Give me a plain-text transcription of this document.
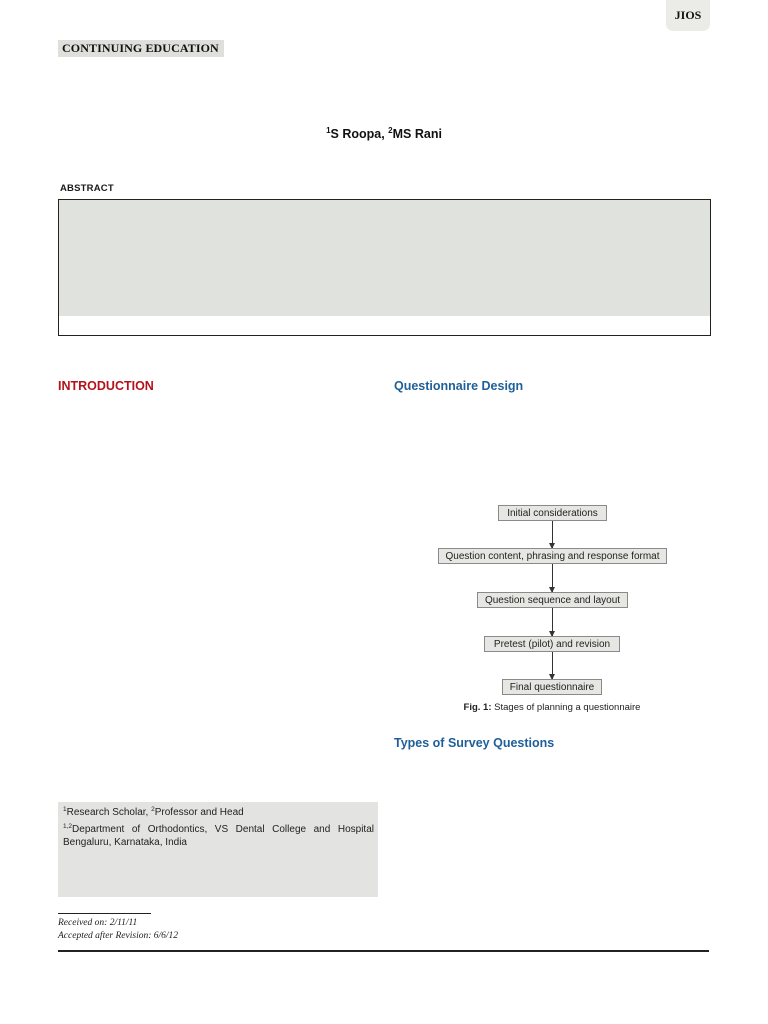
JIOS
CONTINUING EDUCATION
$^1$S Roopa, $^2$MS Rani
ABSTRACT
INTRODUCTION	Questionnaire Design
Initial considerations
Question content, phrasing and response format
Question sequence and layout
Pretest (pilot) and revision
Final questionnaire
Fig. 1: Stages of planning a questionnaire
Types of Survey Questions
$^1$Research Scholar, $^2$Professor and Head
$^{1,2}$Department of Orthodontics, VS Dental College and Hospital Bengaluru, Karnataka, India
Received on: 2/11/11
Accepted after Revision: 6/6/12
